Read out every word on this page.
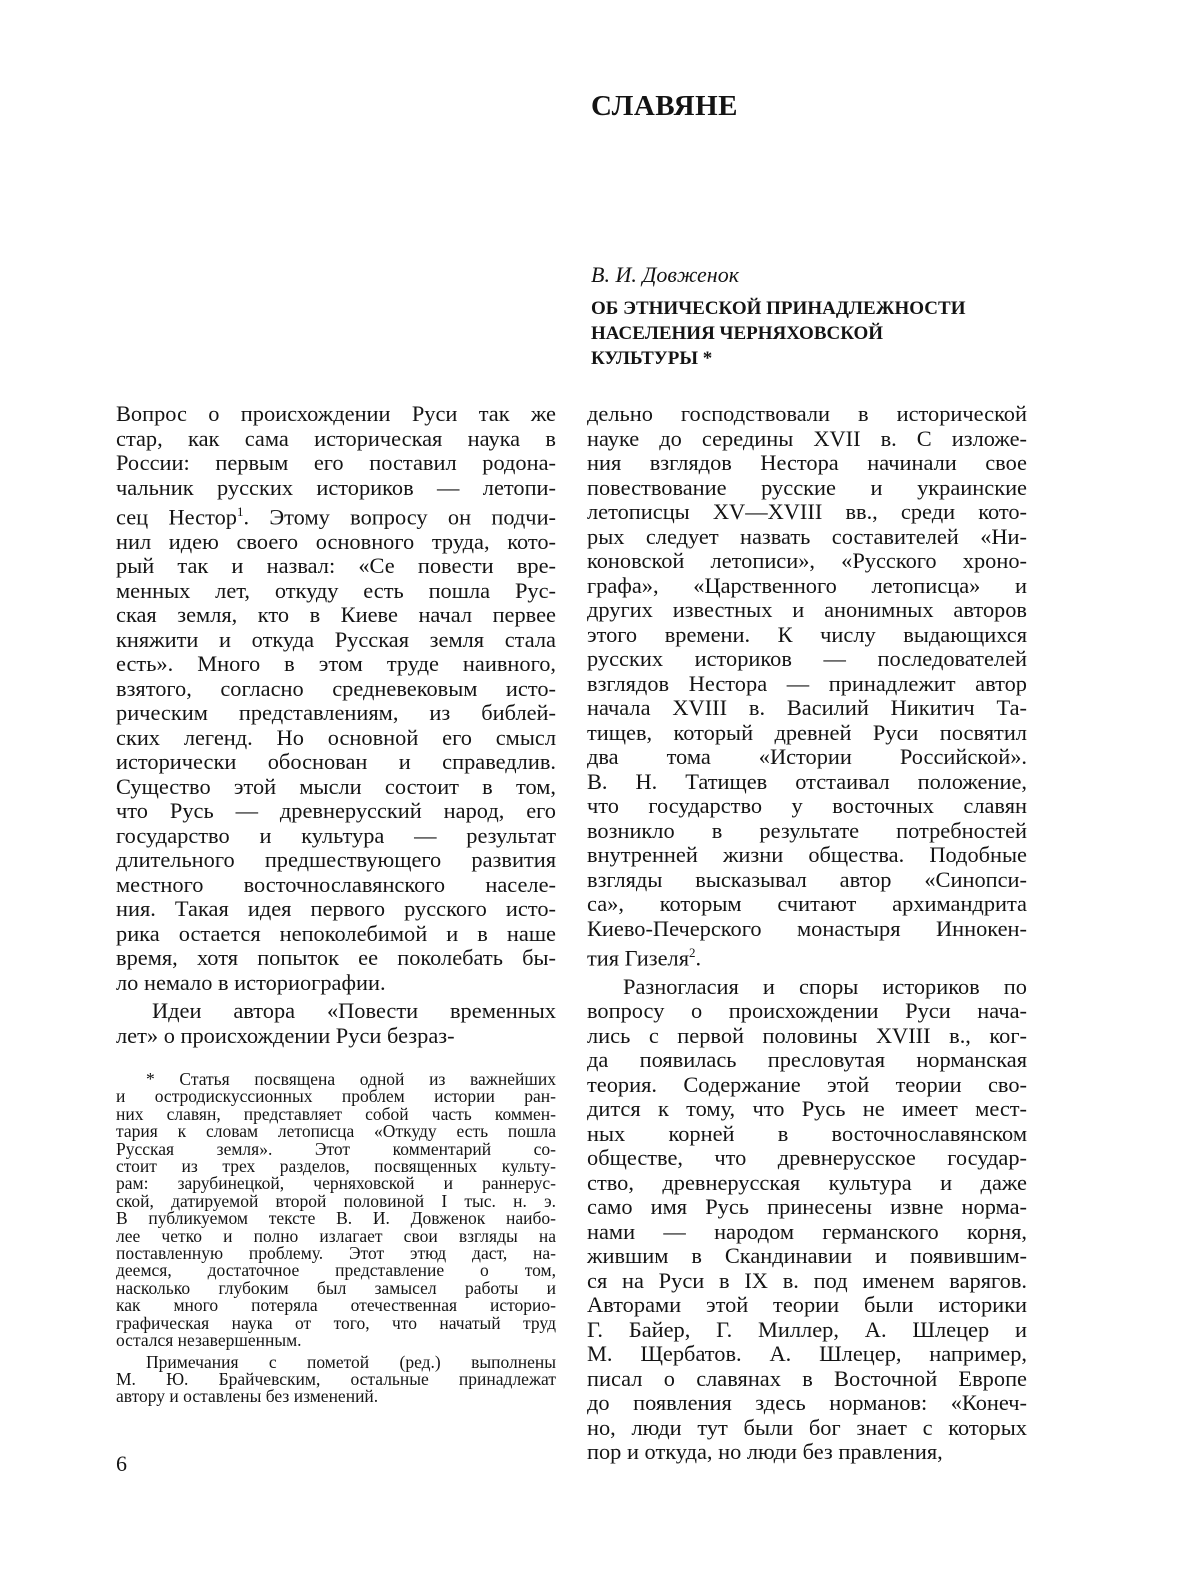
СЛАВЯНЕ
В. И. Довженок
ОБ ЭТНИЧЕСКОЙ ПРИНАДЛЕЖНОСТИ
НАСЕЛЕНИЯ ЧЕРНЯХОВСКОЙ
КУЛЬТУРЫ *

Вопрос о происхождении Руси так же
стар, как сама историческая наука в
России: первым его поставил родона-
чальник русских историков — летопи-
сец Нестор$^1$. Этому вопросу он подчи-
нил идею своего основного труда, кото-
рый так и назвал: «Се повести вре-
менных лет, откуду есть пошла Рус-
ская земля, кто в Киеве начал первее
княжити и откуда Русская земля стала
есть». Много в этом труде наивного,
взятого, согласно средневековым исто-
рическим представлениям, из библей-
ских легенд. Но основной его смысл
исторически обоснован и справедлив.
Существо этой мысли состоит в том,
что Русь — древнерусский народ, его
государство и культура — результат
длительного предшествующего развития
местного восточнославянского населе-
ния. Такая идея первого русского исто-
рика остается непоколебимой и в наше
время, хотя попыток ее поколебать бы-
ло немало в историографии.

Идеи автора «Повести временных
лет» о происхождении Руси безраз-

* Статья посвящена одной из важнейших
и остродискуссионных проблем истории ран-
них славян, представляет собой часть коммен-
тария к словам летописца «Откуду есть пошла
Русская земля». Этот комментарий со-
стоит из трех разделов, посвященных культу-
рам: зарубинецкой, черняховской и раннерус-
ской, датируемой второй половиной I тыс. н. э.
В публикуемом тексте В. И. Довженок наибо-
лее четко и полно излагает свои взгляды на
поставленную проблему. Этот этюд даст, на-
деемся, достаточное представление о том,
насколько глубоким был замысел работы и
как много потеряла отечественная историо-
графическая наука от того, что начатый труд
остался незавершенным.

Примечания с пометой (ред.) выполнены
М. Ю. Брайчевским, остальные принадлежат
автору и оставлены без изменений.

дельно господствовали в исторической
науке до середины XVII в. С изложе-
ния взглядов Нестора начинали свое
повествование русские и украинские
летописцы XV—XVIII вв., среди кото-
рых следует назвать составителей «Ни-
коновской летописи», «Русского хроно-
графа», «Царственного летописца» и
других известных и анонимных авторов
этого времени. К числу выдающихся
русских историков — последователей
взглядов Нестора — принадлежит автор
начала XVIII в. Василий Никитич Та-
тищев, который древней Руси посвятил
два тома «Истории Российской».
В. Н. Татищев отстаивал положение,
что государство у восточных славян
возникло в результате потребностей
внутренней жизни общества. Подобные
взгляды высказывал автор «Синопси-
са», которым считают архимандрита
Киево-Печерского монастыря Иннокен-
тия Гизеля$^2$.

Разногласия и споры историков по
вопросу о происхождении Руси нача-
лись с первой половины XVIII в., ког-
да появилась пресловутая норманская
теория. Содержание этой теории сво-
дится к тому, что Русь не имеет мест-
ных корней в восточнославянском
обществе, что древнерусское государ-
ство, древнерусская культура и даже
само имя Русь принесены извне норма-
нами — народом германского корня,
жившим в Скандинавии и появившим-
ся на Руси в IX в. под именем варягов.
Авторами этой теории были историки
Г. Байер, Г. Миллер, А. Шлецер и
М. Щербатов. А. Шлецер, например,
писал о славянах в Восточной Европе
до появления здесь норманов: «Конеч-
но, люди тут были бог знает с которых
пор и откуда, но люди без правления,

6
